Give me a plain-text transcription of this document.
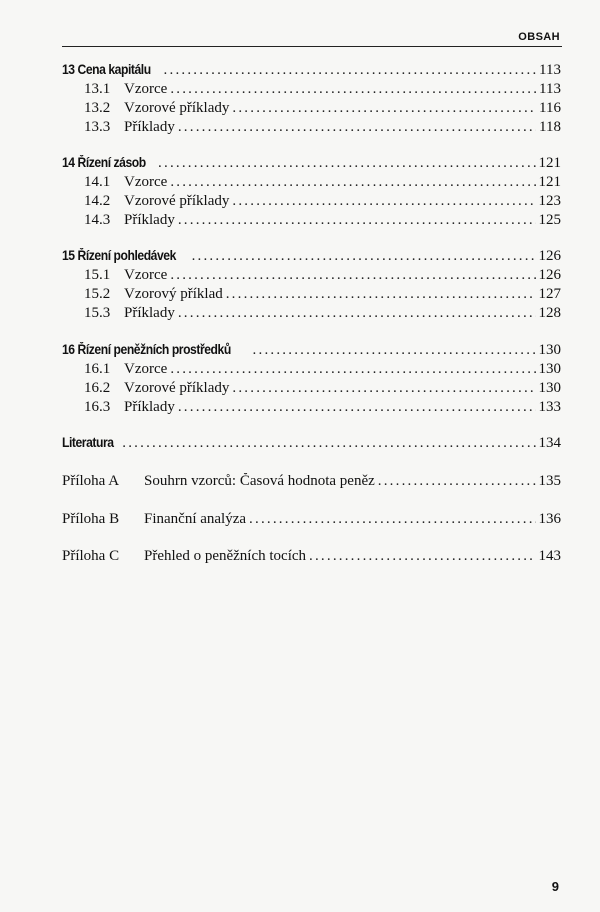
OBSAH
13 Cena kapitálu .....	113
13.1 Vzorce .....	113
13.2 Vzorové příklady .....	116
13.3 Příklady .....	118
14 Řízení zásob .....	121
14.1 Vzorce .....	121
14.2 Vzorové příklady .....	123
14.3 Příklady .....	125
15 Řízení pohledávek .....	126
15.1 Vzorce .....	126
15.2 Vzorový příklad .....	127
15.3 Příklady .....	128
16 Řízení peněžních prostředků .....	130
16.1 Vzorce .....	130
16.2 Vzorové příklady .....	130
16.3 Příklady .....	133
Literatura .....	134
Příloha A	Souhrn vzorců: Časová hodnota peněz .....	135
Příloha B	Finanční analýza .....	136
Příloha C	Přehled o peněžních tocích .....	143
9
